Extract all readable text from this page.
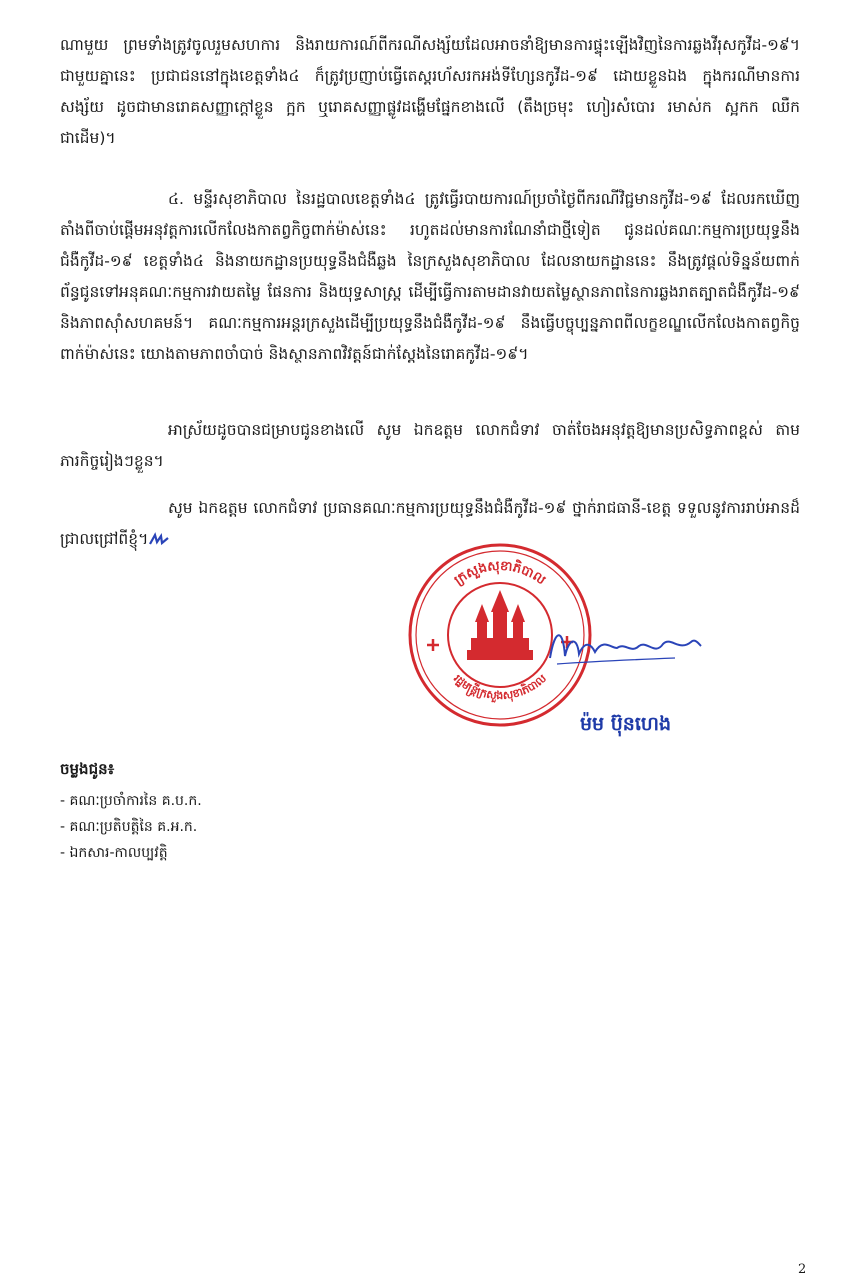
ណាមួយ ព្រមទាំងត្រូវចូលរួមសហការ និងរាយការណ៍ពីករណីសង្ស័យដែលអាចនាំឱ្យមានការផ្ទុះឡើងវិញនៃការឆ្លងវីរុសកូវីដ-១៩។ ជាមួយគ្នានេះ ប្រជាជននៅក្នុងខេត្តទាំង៤ ក៏ត្រូវប្រញាប់ធ្វើតេស្តរហ័សរកអង់ទីហ្សែនកូវីដ-១៩ ដោយខ្លួនឯង ក្នុងករណីមានការសង្ស័យ ដូចជាមានរោគសញ្ញាក្តៅខ្លួន ក្អក ឬរោគសញ្ញាផ្លូវដង្ហើមផ្នែកខាងលើ (តឹងច្រមុះ ហៀរសំបោរ រមាស់ក ស្អកក ឈឺក ជាដើម)។

៤. មន្ទីរសុខាភិបាល នៃរដ្ឋបាលខេត្តទាំង៤ ត្រូវធ្វើរបាយការណ៍ប្រចាំថ្ងៃពីករណីវិជ្ជមានកូវីដ-១៩ ដែលរកឃើញតាំងពីចាប់ផ្តើមអនុវត្តការលើកលែងកាតព្វកិច្ចពាក់ម៉ាស់នេះ រហូតដល់មានការណែនាំជាថ្មីទៀត ជូនដល់គណៈកម្មការប្រយុទ្ធនឹងជំងឺកូវីដ-១៩ ខេត្តទាំង៤ និងនាយកដ្ឋានប្រយុទ្ធនឹងជំងឺឆ្លង នៃក្រសួងសុខាភិបាល ដែលនាយកដ្ឋាននេះ នឹងត្រូវផ្តល់ទិន្នន័យពាក់ព័ន្ធជូនទៅអនុគណៈកម្មការវាយតម្លៃ ផែនការ និងយុទ្ធសាស្ត្រ ដើម្បីធ្វើការតាមដានវាយតម្លៃស្ថានភាពនៃការឆ្លងរាតត្បាតជំងឺកូវីដ-១៩ និងភាពស៊ាំសហគមន៍។ គណៈកម្មការអន្តរក្រសួងដើម្បីប្រយុទ្ធនឹងជំងឺកូវីដ-១៩ នឹងធ្វើបច្ចុប្បន្នភាពពីលក្ខខណ្ឌលើកលែងកាតព្វកិច្ចពាក់ម៉ាស់នេះ យោងតាមភាពចាំបាច់ និងស្ថានភាពវិវត្តន៍ជាក់ស្តែងនៃរោគកូវីដ-១៩។

អាស្រ័យដូចបានជម្រាបជូនខាងលើ សូម ឯកឧត្តម លោកជំទាវ ចាត់ចែងអនុវត្តឱ្យមានប្រសិទ្ធភាពខ្ពស់ តាមភារកិច្ចរៀងៗខ្លួន។

សូម ឯកឧត្តម លោកជំទាវ ប្រធានគណៈកម្មការប្រយុទ្ធនឹងជំងឺកូវីដ-១៩ ថ្នាក់រាជធានី-ខេត្ត ទទួលនូវការរាប់អានដ៏ជ្រាលជ្រៅពីខ្ញុំ។

ក្រសួងសុខាភិបាល
រដ្ឋមន្ត្រីក្រសួងសុខាភិបាល
ម៉ម ប៊ុនហេង
ចម្លងជូន៖
- គណៈប្រចាំការនៃ គ.ប.ក.
- គណៈប្រតិបត្តិនៃ គ.អ.ក.
- ឯកសារ-កាលប្បវត្តិ
2
